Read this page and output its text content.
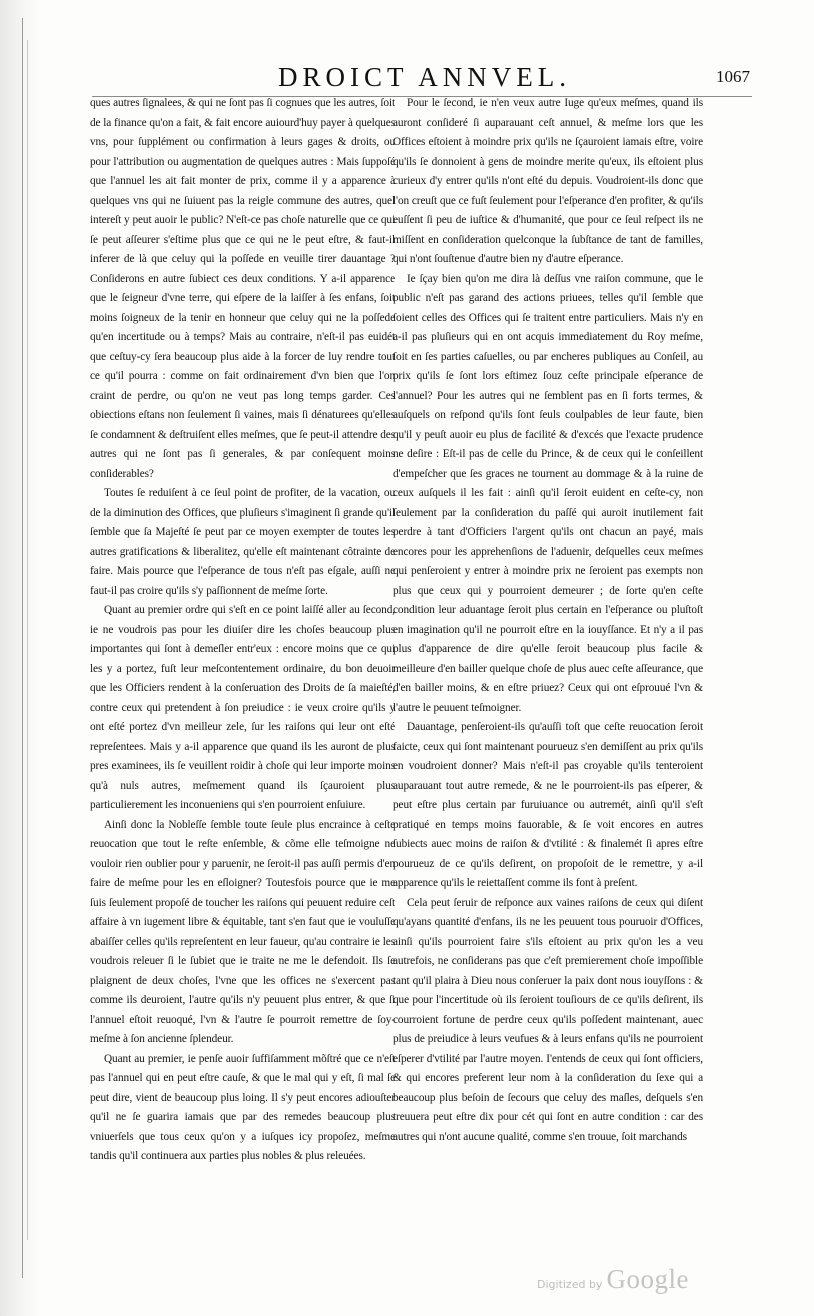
DROICT ANNVEL.	1067

ques autres ſignalees, & qui ne ſont pas ſi cognues que les autres, ſoit de la finance qu'on a fait, & fait encore auiourd'huy payer à quelques vns, pour ſupplément ou confirmation à leurs gages & droits, ou pour l'attribution ou augmentation de quelques autres : Mais ſuppoſé que l'annuel les ait fait monter de prix, comme il y a apparence à quelques vns qui ne ſuiuent pas la reigle commune des autres, quel intereſt y peut auoir le public? N'eſt-ce pas choſe naturelle que ce qui ſe peut aſſeurer s'eſtime plus que ce qui ne le peut eſtre, & faut-il inferer de là que celuy qui la poſſede en veuille tirer dauantage ? Conſiderons en autre ſubiect ces deux conditions. Y a-il apparence que le ſeigneur d'vne terre, qui eſpere de la laiſſer à ſes enfans, ſoit moins ſoigneux de la tenir en honneur que celuy qui ne la poſſede qu'en incertitude ou à temps? Mais au contraire, n'eſt-il pas euidét que ceſtuy-cy ſera beaucoup plus aide à la forcer de luy rendre tout ce qu'il pourra : comme on fait ordinairement d'vn bien que l'on craint de perdre, ou qu'on ne veut pas long temps garder. Ces obiections eſtans non ſeulement ſi vaines, mais ſi dénaturees qu'elles ſe condamnent & deſtruiſent elles meſmes, que ſe peut-il attendre des autres qui ne ſont pas ſi generales, & par conſequent moins conſiderables?

Toutes ſe reduiſent à ce ſeul point de profiter, de la vacation, ou de la diminution des Offices, que pluſieurs s'imaginent ſi grande qu'il ſemble que ſa Majeſté ſe peut par ce moyen exempter de toutes les autres gratifications & liberalitez, qu'elle eſt maintenant côtrainte de faire. Mais pource que l'eſperance de tous n'eſt pas eſgale, auſſi ne faut-il pas croire qu'ils s'y paſſionnent de meſme ſorte.

Quant au premier ordre qui s'eſt en ce point laiſſé aller au ſecond, ie ne voudrois pas pour les diuiſer dire les choſes beaucoup plus importantes qui ſont à demeſler entr'eux : encore moins que ce qui les y a portez, fuſt leur meſcontentement ordinaire, du bon deuoir que les Officiers rendent à la conſeruation des Droits de ſa maieſté, contre ceux qui pretendent à ſon preiudice : ie veux croire qu'ils y ont eſté portez d'vn meilleur zele, ſur les raiſons qui leur ont eſté repreſentees. Mais y a-il apparence que quand ils les auront de plus pres examinees, ils ſe veuillent roidir à choſe qui leur importe moins qu'à nuls autres, meſmement quand ils ſçauroient plus particulierement les inconueniens qui s'en pourroient enſuiure.

Ainſi donc la Nobleſſe ſemble toute ſeule plus encraince à ceſte reuocation que tout le reſte enſemble, & cõme elle teſmoigne ne vouloir rien oublier pour y paruenir, ne ſeroit-il pas auſſi permis d'en faire de meſme pour les en eſloigner? Toutesfois pource que ie me ſuis ſeulement propoſé de toucher les raiſons qui peuuent reduire ceſt affaire à vn iugement libre & équitable, tant s'en faut que ie vouluſſe abaiſſer celles qu'ils repreſentent en leur faueur, qu'au contraire ie les voudrois releuer ſi le ſubiet que ie traite ne me le defendoit. Ils ſe plaignent de deux choſes, l'vne que les offices ne s'exercent pas comme ils deuroient, l'autre qu'ils n'y peuuent plus entrer, & que ſi l'annuel eſtoit reuoqué, l'vn & l'autre ſe pourroit remettre de ſoy-meſme à ſon ancienne ſplendeur.

Quant au premier, ie penſe auoir ſuffiſamment mõſtré que ce n'eſt pas l'annuel qui en peut eſtre cauſe, & que le mal qui y eſt, ſi mal ſe peut dire, vient de beaucoup plus loing. Il s'y peut encores adiouſter qu'il ne ſe guarira iamais que par des remedes beaucoup plus vniuerſels que tous ceux qu'on y a iuſques icy propoſez, meſme tandis qu'il continuera aux parties plus nobles & plus releuées.

Pour le ſecond, ie n'en veux autre Iuge qu'eux meſmes, quand ils auront conſideré ſi auparauant ceſt annuel, & meſme lors que les Offices eſtoient à moindre prix qu'ils ne ſçauroient iamais eſtre, voire qu'ils ſe donnoient à gens de moindre merite qu'eux, ils eſtoient plus curieux d'y entrer qu'ils n'ont eſté du depuis. Voudroient-ils donc que l'on creuſt que ce fuſt ſeulement pour l'eſperance d'en profiter, & qu'ils euſſent ſi peu de iuſtice & d'humanité, que pour ce ſeul reſpect ils ne miſſent en conſideration quelconque la ſubſtance de tant de familles, qui n'ont ſouſtenue d'autre bien ny d'autre eſperance.

Ie ſçay bien qu'on me dira là deſſus vne raiſon commune, que le public n'eſt pas garand des actions priuees, telles qu'il ſemble que ſoient celles des Offices qui ſe traitent entre particuliers. Mais n'y en a-il pas pluſieurs qui en ont acquis immediatement du Roy meſme, ſoit en ſes parties caſuelles, ou par encheres publiques au Conſeil, au prix qu'ils ſe ſont lors eſtimez ſouz ceſte principale eſperance de l'annuel? Pour les autres qui ne ſemblent pas en ſi forts termes, & auſquels on reſpond qu'ils ſont ſeuls coulpables de leur faute, bien qu'il y peuſt auoir eu plus de facilité & d'excés que l'exacte prudence ne deſire : Eſt-il pas de celle du Prince, & de ceux qui le conſeillent d'empeſcher que ſes graces ne tournent au dommage & à la ruine de ceux auſquels il les fait : ainſi qu'il ſeroit euident en ceſte-cy, non ſeulement par la conſideration du paſſé qui auroit inutilement fait perdre à tant d'Officiers l'argent qu'ils ont chacun an payé, mais encores pour les apprehenſions de l'aduenir, deſquelles ceux meſmes qui penſeroient y entrer à moindre prix ne ſeroient pas exempts non plus que ceux qui y pourroient demeurer ; de ſorte qu'en ceſte condition leur aduantage ſeroit plus certain en l'eſperance ou pluſtoſt en imagination qu'il ne pourroit eſtre en la iouyſſance. Et n'y a il pas plus d'apparence de dire qu'elle ſeroit beaucoup plus facile & meilleure d'en bailler quelque choſe de plus auec ceſte aſſeurance, que d'en bailler moins, & en eſtre priuez? Ceux qui ont eſprouué l'vn & l'autre le peuuent teſmoigner.

Dauantage, penſeroient-ils qu'auſſi toſt que ceſte reuocation ſeroit faicte, ceux qui ſont maintenant pourueuz s'en demiſſent au prix qu'ils en voudroient donner? Mais n'eſt-il pas croyable qu'ils tenteroient auparauant tout autre remede, & ne le pourroient-ils pas eſperer, & peut eſtre plus certain par furuiuance ou autremét, ainſi qu'il s'eſt pratiqué en temps moins fauorable, & ſe voit encores en autres ſubiects auec moins de raiſon & d'vtilité : & finalemét ſi apres eſtre pourueuz de ce qu'ils deſirent, on propoſoit de le remettre, y a-il apparence qu'ils le reiettaſſent comme ils font à preſent.

Cela peut ſeruir de reſponce aux vaines raiſons de ceux qui diſent qu'ayans quantité d'enfans, ils ne les peuuent tous pouruoir d'Offices, ainſi qu'ils pourroient faire s'ils eſtoient au prix qu'on les a veu autrefois, ne conſiderans pas que c'eſt premierement choſe impoſſible tant qu'il plaira à Dieu nous conſeruer la paix dont nous iouyſſons : & que pour l'incertitude où ils ſeroient touſiours de ce qu'ils deſirent, ils courroient fortune de perdre ceux qu'ils poſſedent maintenant, auec plus de preiudice à leurs veufues & à leurs enfans qu'ils ne pourroient eſperer d'vtilité par l'autre moyen. I'entends de ceux qui ſont officiers, & qui encores preferent leur nom à la conſideration du ſexe qui a beaucoup plus beſoin de ſecours que celuy des maſles, deſquels s'en treuuera peut eſtre dix pour cét qui ſont en autre condition : car des autres qui n'ont aucune qualité, comme s'en trouue, ſoit marchands

Digitized by Google
